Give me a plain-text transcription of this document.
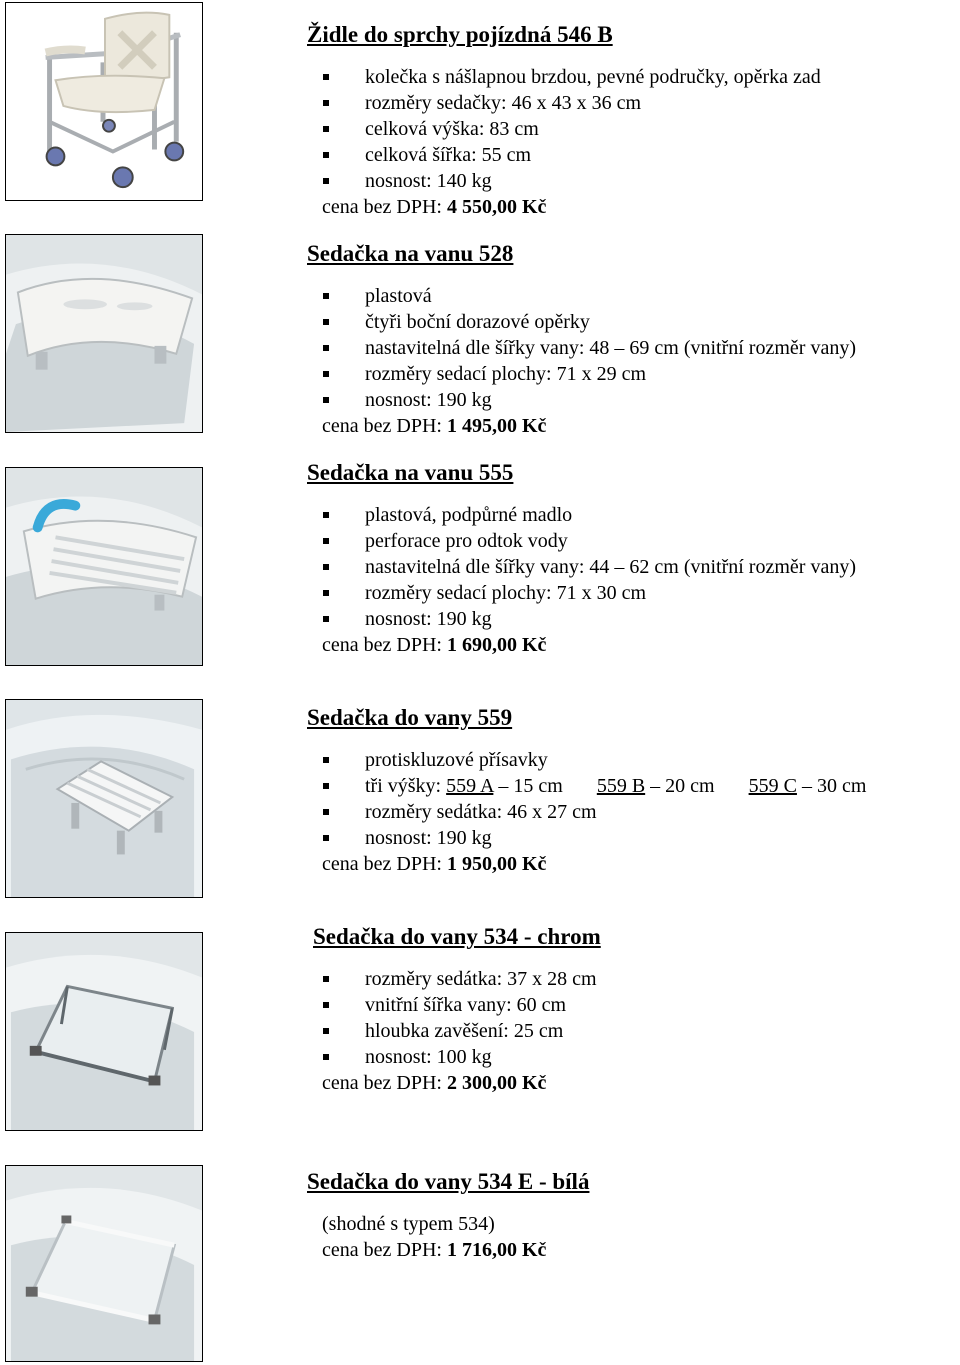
Židle do sprchy pojízdná 546 B
kolečka s nášlapnou brzdou, pevné područky, opěrka zad
rozměry sedačky: 46 x 43 x 36 cm
celková výška: 83 cm
celková šířka: 55 cm
nosnost: 140 kg
cena bez DPH: 4 550,00 Kč
Sedačka na vanu 528
plastová
čtyři boční dorazové opěrky
nastavitelná dle šířky vany: 48 – 69 cm (vnitřní rozměr vany)
rozměry sedací plochy: 71 x 29 cm
nosnost: 190 kg
cena bez DPH: 1 495,00 Kč
Sedačka na vanu 555
plastová, podpůrné madlo
perforace pro odtok vody
nastavitelná dle šířky vany: 44 – 62 cm (vnitřní rozměr vany)
rozměry sedací plochy: 71 x 30 cm
nosnost: 190 kg
cena bez DPH: 1 690,00 Kč
Sedačka do vany 559
protiskluzové přísavky
tři výšky: 559 A – 15 cm 559 B – 20 cm 559 C – 30 cm
rozměry sedátka: 46 x 27 cm
nosnost: 190 kg
cena bez DPH: 1 950,00 Kč
Sedačka do vany 534 - chrom
rozměry sedátka: 37 x 28 cm
vnitřní šířka vany: 60 cm
hloubka zavěšení: 25 cm
nosnost: 100 kg
cena bez DPH: 2 300,00 Kč
Sedačka do vany 534 E - bílá
(shodné s typem 534)
cena bez DPH: 1 716,00 Kč
